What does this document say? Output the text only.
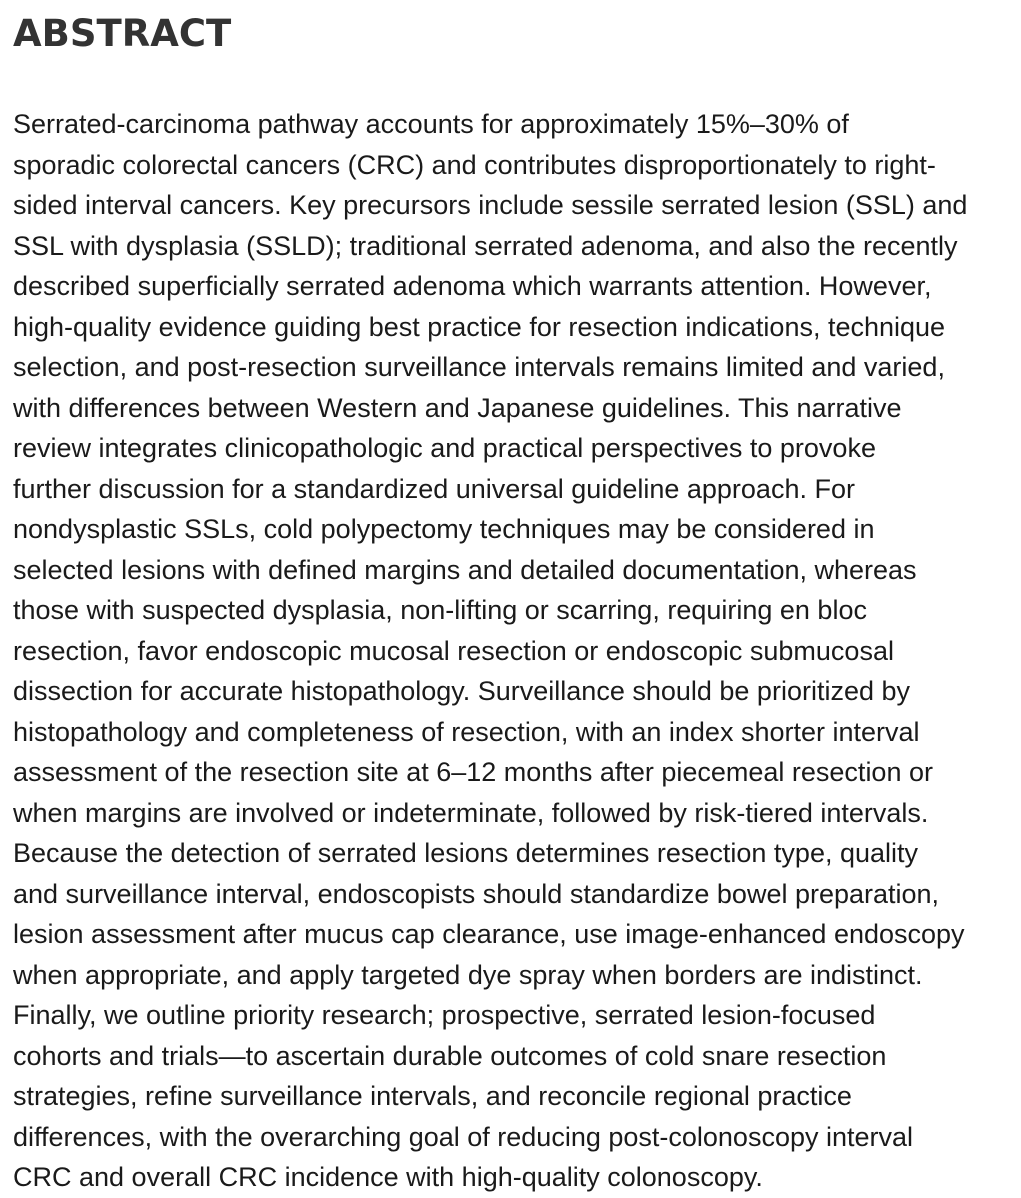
ABSTRACT

Serrated-carcinoma pathway accounts for approximately 15%–30% of
sporadic colorectal cancers (CRC) and contributes disproportionately to right-
sided interval cancers. Key precursors include sessile serrated lesion (SSL) and
SSL with dysplasia (SSLD); traditional serrated adenoma, and also the recently
described superficially serrated adenoma which warrants attention. However,
high-quality evidence guiding best practice for resection indications, technique
selection, and post-resection surveillance intervals remains limited and varied,
with differences between Western and Japanese guidelines. This narrative
review integrates clinicopathologic and practical perspectives to provoke
further discussion for a standardized universal guideline approach. For
nondysplastic SSLs, cold polypectomy techniques may be considered in
selected lesions with defined margins and detailed documentation, whereas
those with suspected dysplasia, non-lifting or scarring, requiring en bloc
resection, favor endoscopic mucosal resection or endoscopic submucosal
dissection for accurate histopathology. Surveillance should be prioritized by
histopathology and completeness of resection, with an index shorter interval
assessment of the resection site at 6–12 months after piecemeal resection or
when margins are involved or indeterminate, followed by risk-tiered intervals.
Because the detection of serrated lesions determines resection type, quality
and surveillance interval, endoscopists should standardize bowel preparation,
lesion assessment after mucus cap clearance, use image-enhanced endoscopy
when appropriate, and apply targeted dye spray when borders are indistinct.
Finally, we outline priority research; prospective, serrated lesion-focused
cohorts and trials—to ascertain durable outcomes of cold snare resection
strategies, refine surveillance intervals, and reconcile regional practice
differences, with the overarching goal of reducing post-colonoscopy interval
CRC and overall CRC incidence with high-quality colonoscopy.
